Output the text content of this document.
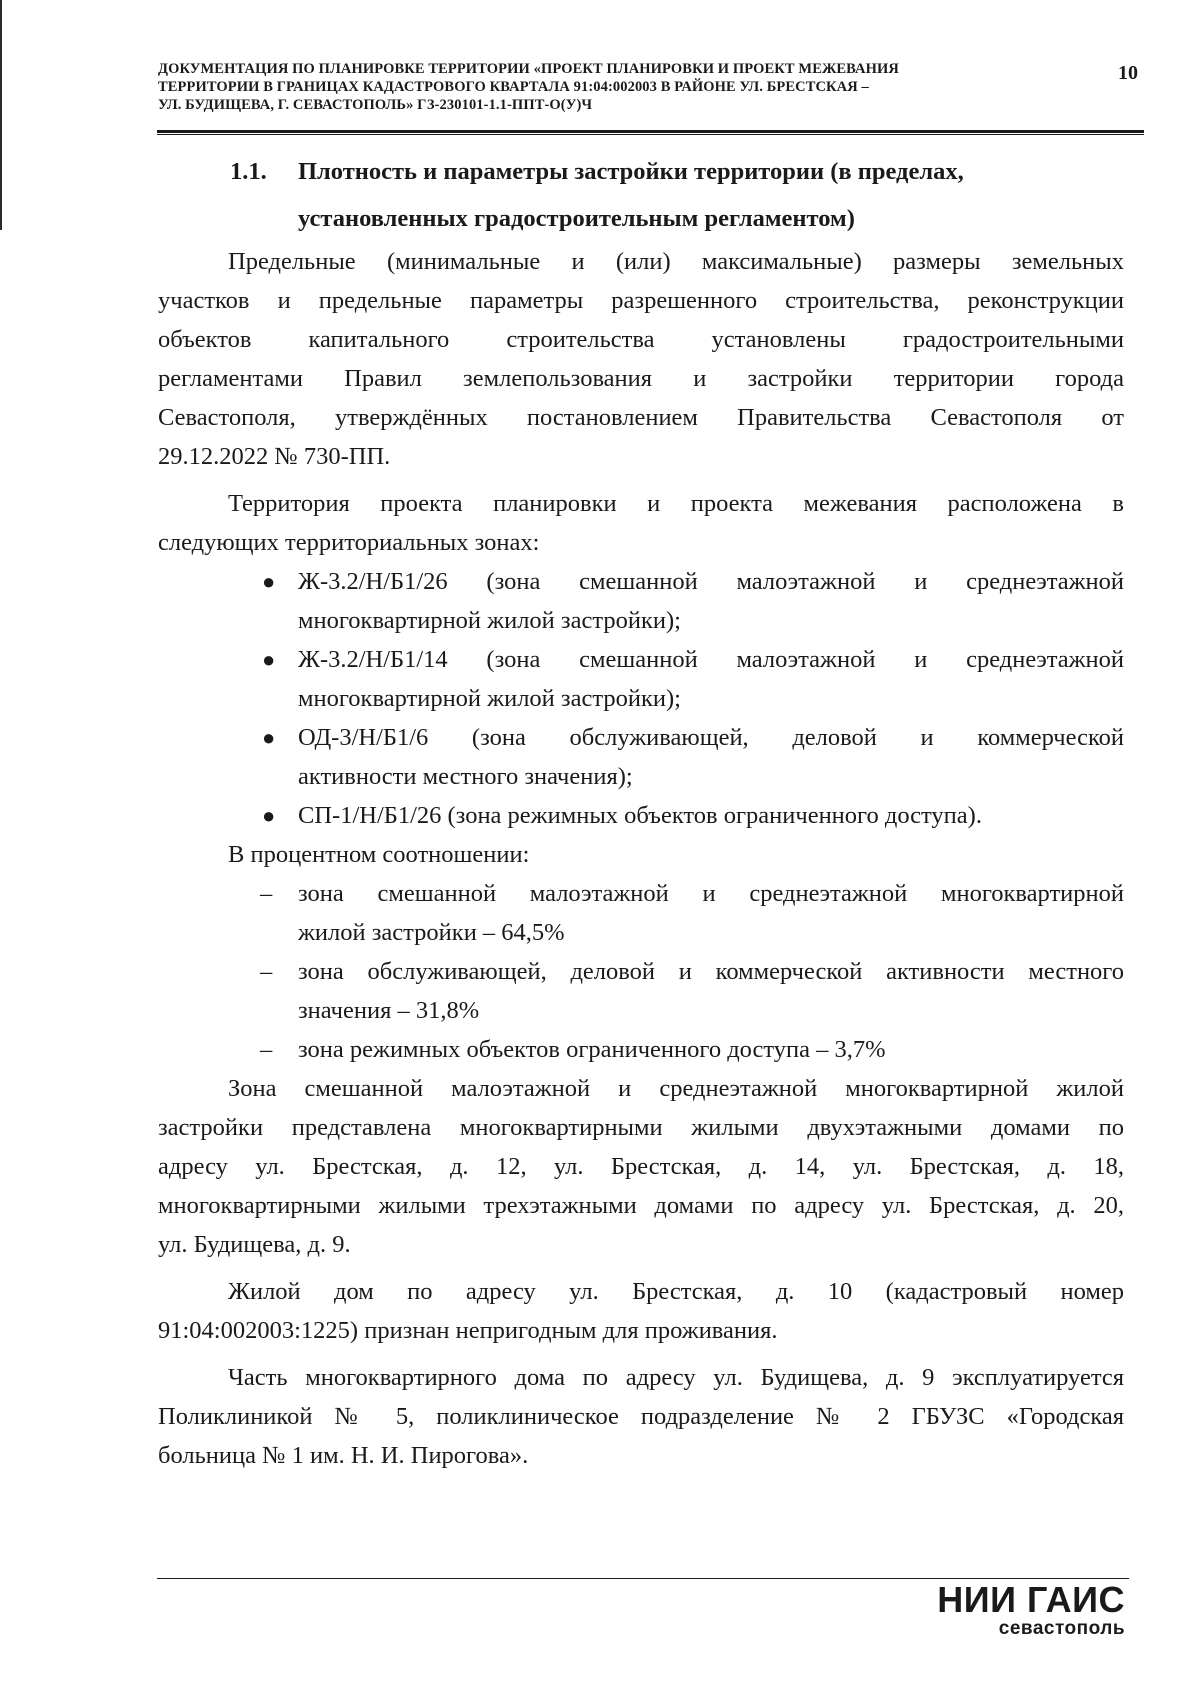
ДОКУМЕНТАЦИЯ ПО ПЛАНИРОВКЕ ТЕРРИТОРИИ «ПРОЕКТ ПЛАНИРОВКИ И ПРОЕКТ МЕЖЕВАНИЯ
ТЕРРИТОРИИ В ГРАНИЦАХ КАДАСТРОВОГО КВАРТАЛА 91:04:002003 В РАЙОНЕ УЛ. БРЕСТСКАЯ –
УЛ. БУДИЩЕВА, Г. СЕВАСТОПОЛЬ» ГЗ-230101-1.1-ППТ-О(У)Ч
10
1.1.	Плотность и параметры застройки территории (в пределах,
установленных градостроительным регламентом)
Предельные (минимальные и (или) максимальные) размеры земельных
участков и предельные параметры разрешенного строительства, реконструкции
объектов капитального строительства установлены градостроительными
регламентами Правил землепользования и застройки территории города
Севастополя, утверждённых постановлением Правительства Севастополя от
29.12.2022 № 730-ПП.
Территория проекта планировки и проекта межевания расположена в
следующих территориальных зонах:
● Ж-3.2/Н/Б1/26 (зона смешанной малоэтажной и среднеэтажной
многоквартирной жилой застройки);
● Ж-3.2/Н/Б1/14 (зона смешанной малоэтажной и среднеэтажной
многоквартирной жилой застройки);
● ОД-3/Н/Б1/6 (зона обслуживающей, деловой и коммерческой
активности местного значения);
● СП-1/Н/Б1/26 (зона режимных объектов ограниченного доступа).

В процентном соотношении:

– зона смешанной малоэтажной и среднеэтажной многоквартирной
жилой застройки – 64,5%
– зона обслуживающей, деловой и коммерческой активности местного
значения – 31,8%
– зона режимных объектов ограниченного доступа – 3,7%
Зона смешанной малоэтажной и среднеэтажной многоквартирной жилой
застройки представлена многоквартирными жилыми двухэтажными домами по
адресу ул. Брестская, д. 12, ул. Брестская, д. 14, ул. Брестская, д. 18,
многоквартирными жилыми трехэтажными домами по адресу ул. Брестская, д. 20,
ул. Будищева, д. 9.
Жилой дом по адресу ул. Брестская, д. 10 (кадастровый номер
91:04:002003:1225) признан непригодным для проживания.
Часть многоквартирного дома по адресу ул. Будищева, д. 9 эксплуатируется
Поликлиникой № 5, поликлиническое подразделение № 2 ГБУЗС «Городская
больница № 1 им. Н. И. Пирогова».
НИИ ГАИС
севастополь
